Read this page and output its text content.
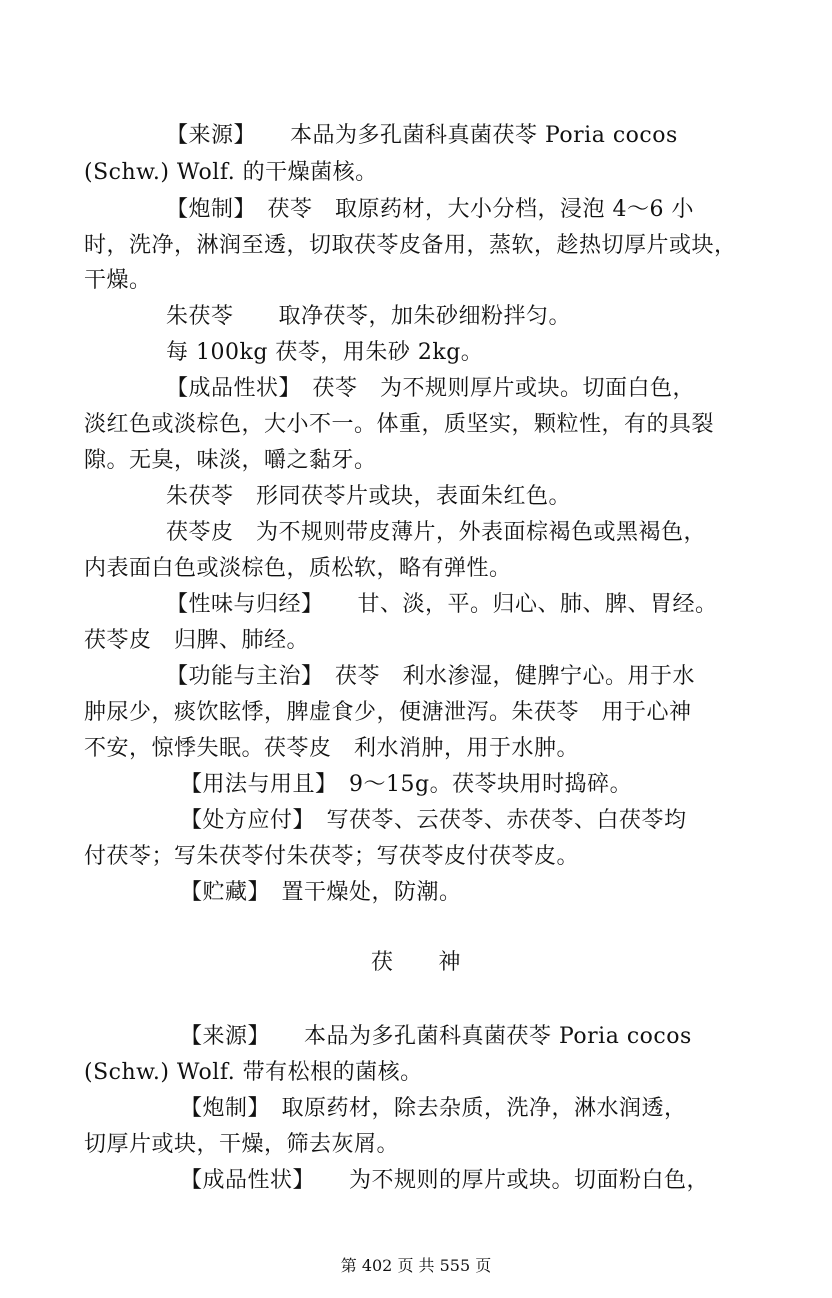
【来源】　　本品为多孔菌科真菌茯苓 Poria cocos
(Schw.) Wolf. 的干燥菌核。
【炮制】　茯苓　取原药材，大小分档，浸泡 4～6 小
时，洗净，淋润至透，切取茯苓皮备用，蒸软，趁热切厚片或块，
干燥。
朱茯苓　　取净茯苓，加朱砂细粉拌匀。
每 100kg 茯苓，用朱砂 2kg。
【成品性状】　茯苓　为不规则厚片或块。切面白色，
淡红色或淡棕色，大小不一。体重，质坚实，颗粒性，有的具裂
隙。无臭，味淡，嚼之黏牙。
朱茯苓　形同茯苓片或块，表面朱红色。
茯苓皮　为不规则带皮薄片，外表面棕褐色或黑褐色，
内表面白色或淡棕色，质松软，略有弹性。
【性味与归经】　　甘、淡，平。归心、肺、脾、胃经。
茯苓皮　归脾、肺经。
【功能与主治】　茯苓　利水渗湿，健脾宁心。用于水
肿尿少，痰饮眩悸，脾虚食少，便溏泄泻。朱茯苓　用于心神
不安，惊悸失眠。茯苓皮　利水消肿，用于水肿。
【用法与用且】　9～15g。茯苓块用时捣碎。
【处方应付】　写茯苓、云茯苓、赤茯苓、白茯苓均
付茯苓；写朱茯苓付朱茯苓；写茯苓皮付茯苓皮。
【贮藏】　置干燥处，防潮。
茯　　神
【来源】　　本品为多孔菌科真菌茯苓 Poria cocos
(Schw.) Wolf. 带有松根的菌核。
【炮制】　取原药材，除去杂质，洗净，淋水润透，
切厚片或块，干燥，筛去灰屑。
【成品性状】　　为不规则的厚片或块。切面粉白色，
第 402 页 共 555 页
